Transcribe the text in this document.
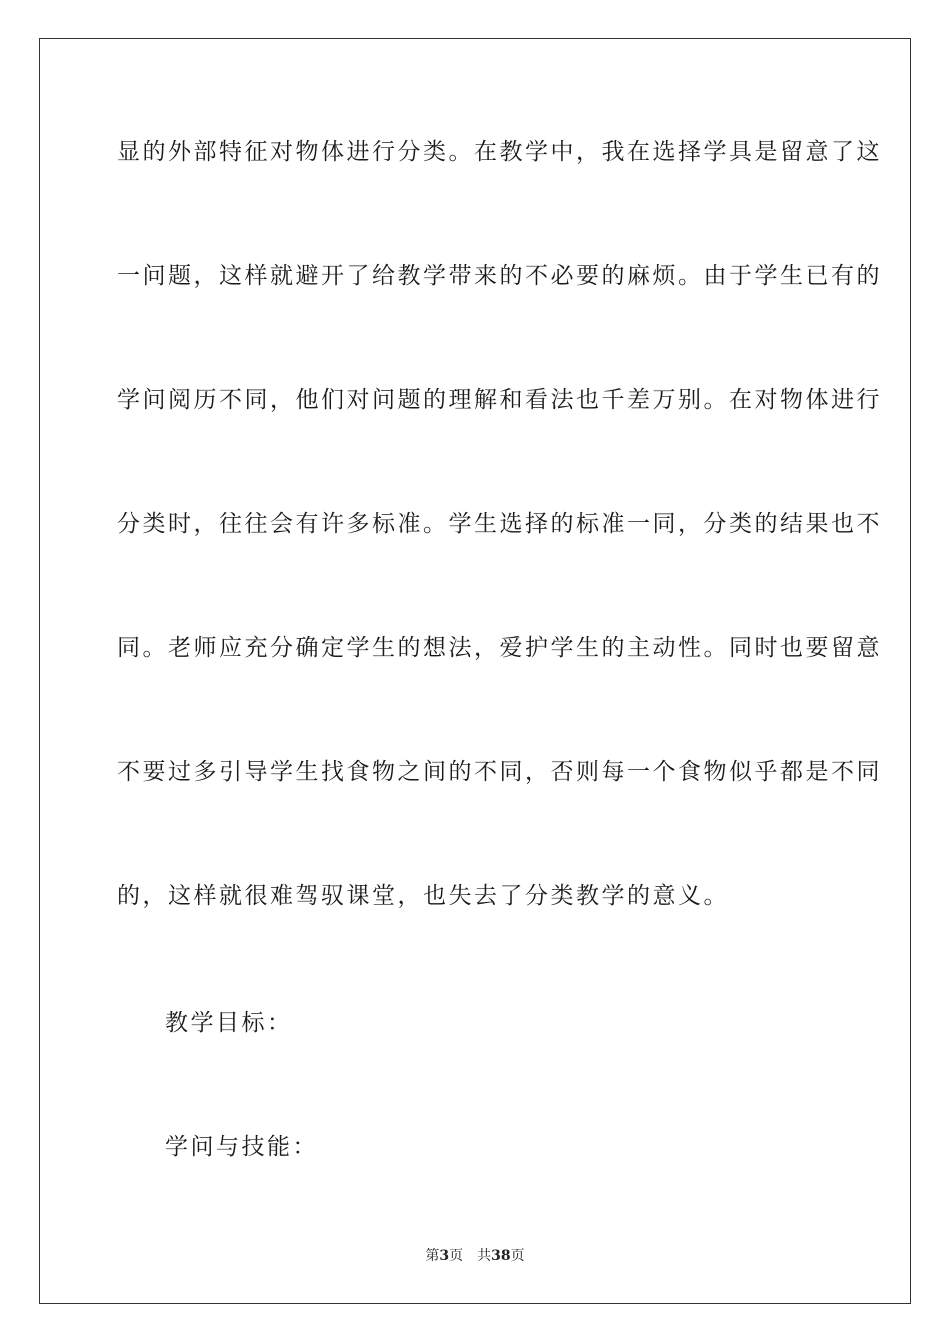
显的外部特征对物体进行分类。在教学中，我在选择学具是留意了这
一问题，这样就避开了给教学带来的不必要的麻烦。由于学生已有的
学问阅历不同，他们对问题的理解和看法也千差万别。在对物体进行
分类时，往往会有许多标准。学生选择的标准一同，分类的结果也不
同。老师应充分确定学生的想法，爱护学生的主动性。同时也要留意
不要过多引导学生找食物之间的不同，否则每一个食物似乎都是不同
的，这样就很难驾驭课堂，也失去了分类教学的意义。
教学目标：
学问与技能：
第3页 共38页
